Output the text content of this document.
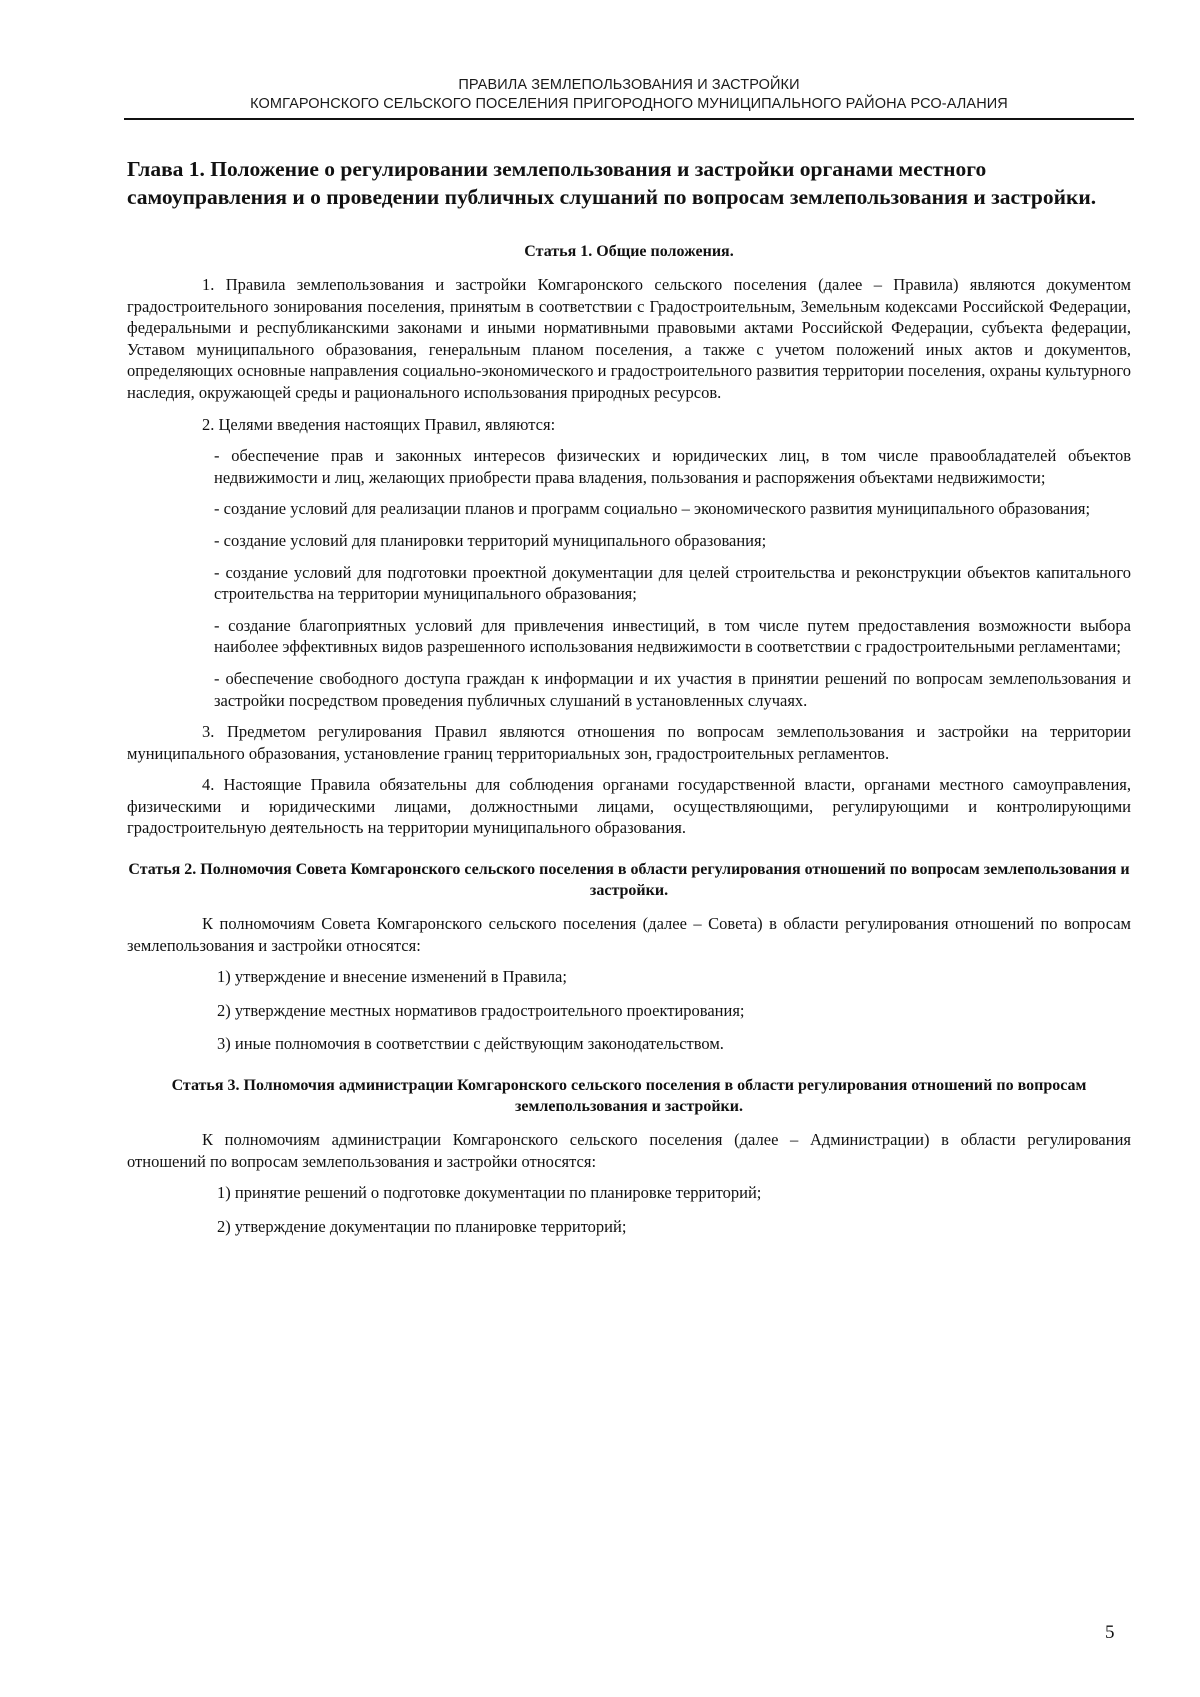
ПРАВИЛА ЗЕМЛЕПОЛЬЗОВАНИЯ И ЗАСТРОЙКИ
КОМГАРОНСКОГО СЕЛЬСКОГО ПОСЕЛЕНИЯ ПРИГОРОДНОГО МУНИЦИПАЛЬНОГО РАЙОНА РСО-АЛАНИЯ
Глава 1. Положение о регулировании землепользования и застройки органами местного самоуправления и о проведении публичных слушаний по вопросам землепользования и застройки.
Статья 1. Общие положения.

1. Правила землепользования и застройки Комгаронского сельского поселения (далее – Правила) являются документом градостроительного зонирования поселения, принятым в соответствии с Градостроительным, Земельным кодексами Российской Федерации, федеральными и республиканскими законами и иными нормативными правовыми актами Российской Федерации, субъекта федерации, Уставом муниципального образования, генеральным планом поселения, а также с учетом положений иных актов и документов, определяющих основные направления социально-экономического и градостроительного развития территории поселения, охраны культурного наследия, окружающей среды и рационального использования природных ресурсов.

2. Целями введения настоящих Правил, являются:

- обеспечение прав и законных интересов физических и юридических лиц, в том числе правообладателей объектов недвижимости и лиц, желающих приобрести права владения, пользования и распоряжения объектами недвижимости;

- создание условий для реализации планов и программ социально – экономического развития муниципального образования;

- создание условий для планировки территорий муниципального образования;

- создание условий для подготовки проектной документации для целей строительства и реконструкции объектов капитального строительства на территории муниципального образования;

- создание благоприятных условий для привлечения инвестиций, в том числе путем предоставления возможности выбора наиболее эффективных видов разрешенного использования недвижимости в соответствии с градостроительными регламентами;

- обеспечение свободного доступа граждан к информации и их участия в принятии решений по вопросам землепользования и застройки посредством проведения публичных слушаний в установленных случаях.

3. Предметом регулирования Правил являются отношения по вопросам землепользования и застройки на территории муниципального образования, установление границ территориальных зон, градостроительных регламентов.

4. Настоящие Правила обязательны для соблюдения органами государственной власти, органами местного самоуправления, физическими и юридическими лицами, должностными лицами, осуществляющими, регулирующими и контролирующими градостроительную деятельность на территории муниципального образования.

Статья 2. Полномочия Совета Комгаронского сельского поселения в области регулирования отношений по вопросам землепользования и застройки.

К полномочиям Совета Комгаронского сельского поселения (далее – Совета) в области регулирования отношений по вопросам землепользования и застройки относятся:

1) утверждение и внесение изменений в Правила;

2) утверждение местных нормативов градостроительного проектирования;

3) иные полномочия в соответствии с действующим законодательством.

Статья 3. Полномочия администрации Комгаронского сельского поселения в области регулирования отношений по вопросам землепользования и застройки.

К полномочиям администрации Комгаронского сельского поселения (далее – Администрации) в области регулирования отношений по вопросам землепользования и застройки относятся:

1) принятие решений о подготовке документации по планировке территорий;

2) утверждение документации по планировке территорий;

5
